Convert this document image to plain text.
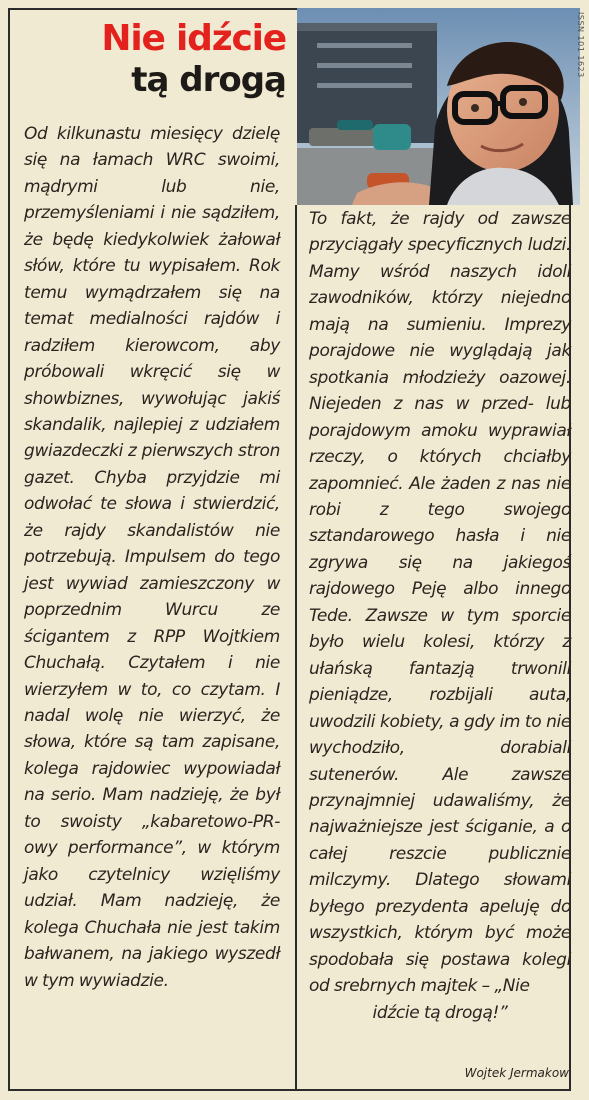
Nie idźcie
tą drogą
ISSN 101 1623

Od kilkunastu miesięcy dzielę się na łamach WRC swoimi, mądrymi lub nie, przemyśleniami i nie sądziłem, że będę kiedykolwiek żałował słów, które tu wypisałem. Rok temu wymądrzałem się na temat medialności rajdów i radziłem kierowcom, aby próbowali wkręcić się w showbiznes, wywołując jakiś skandalik, najlepiej z udziałem gwiazdeczki z pierwszych stron gazet. Chyba przyjdzie mi odwołać te słowa i stwierdzić, że rajdy skandalistów nie potrzebują. Impulsem do tego jest wywiad zamieszczony w poprzednim Wurcu ze ścigantem z RPP Wojtkiem Chuchałą. Czytałem i nie wierzyłem w to, co czytam. I nadal wolę nie wierzyć, że słowa, które są tam zapisane, kolega rajdowiec wypowiadał na serio. Mam nadzieję, że był to swoisty „kabaretowo-PR-owy performance”, w którym jako czytelnicy wzięliśmy udział. Mam nadzieję, że kolega Chuchała nie jest takim bałwanem, na jakiego wyszedł w tym wywiadzie.

To fakt, że rajdy od zawsze przyciągały specyficznych ludzi. Mamy wśród naszych idoli zawodników, którzy niejedno mają na sumieniu. Imprezy porajdowe nie wyglądają jak spotkania młodzieży oazowej. Niejeden z nas w przed- lub porajdowym amoku wyprawiał rzeczy, o których chciałby zapomnieć. Ale żaden z nas nie robi z tego swojego sztandarowego hasła i nie zgrywa się na jakiegoś rajdowego Peję albo innego Tede. Zawsze w tym sporcie było wielu kolesi, którzy z ułańską fantazją trwonili pieniądze, rozbijali auta, uwodzili kobiety, a gdy im to nie wychodziło, dorabiali sutenerów. Ale zawsze przynajmniej udawaliśmy, że najważniejsze jest ściganie, a o całej reszcie publicznie milczymy. Dlatego słowami byłego prezydenta apeluję do wszystkich, którym być może spodobała się postawa kolegi od srebrnych majtek – „Nie
idźcie tą drogą!”
Wojtek Jermakow
